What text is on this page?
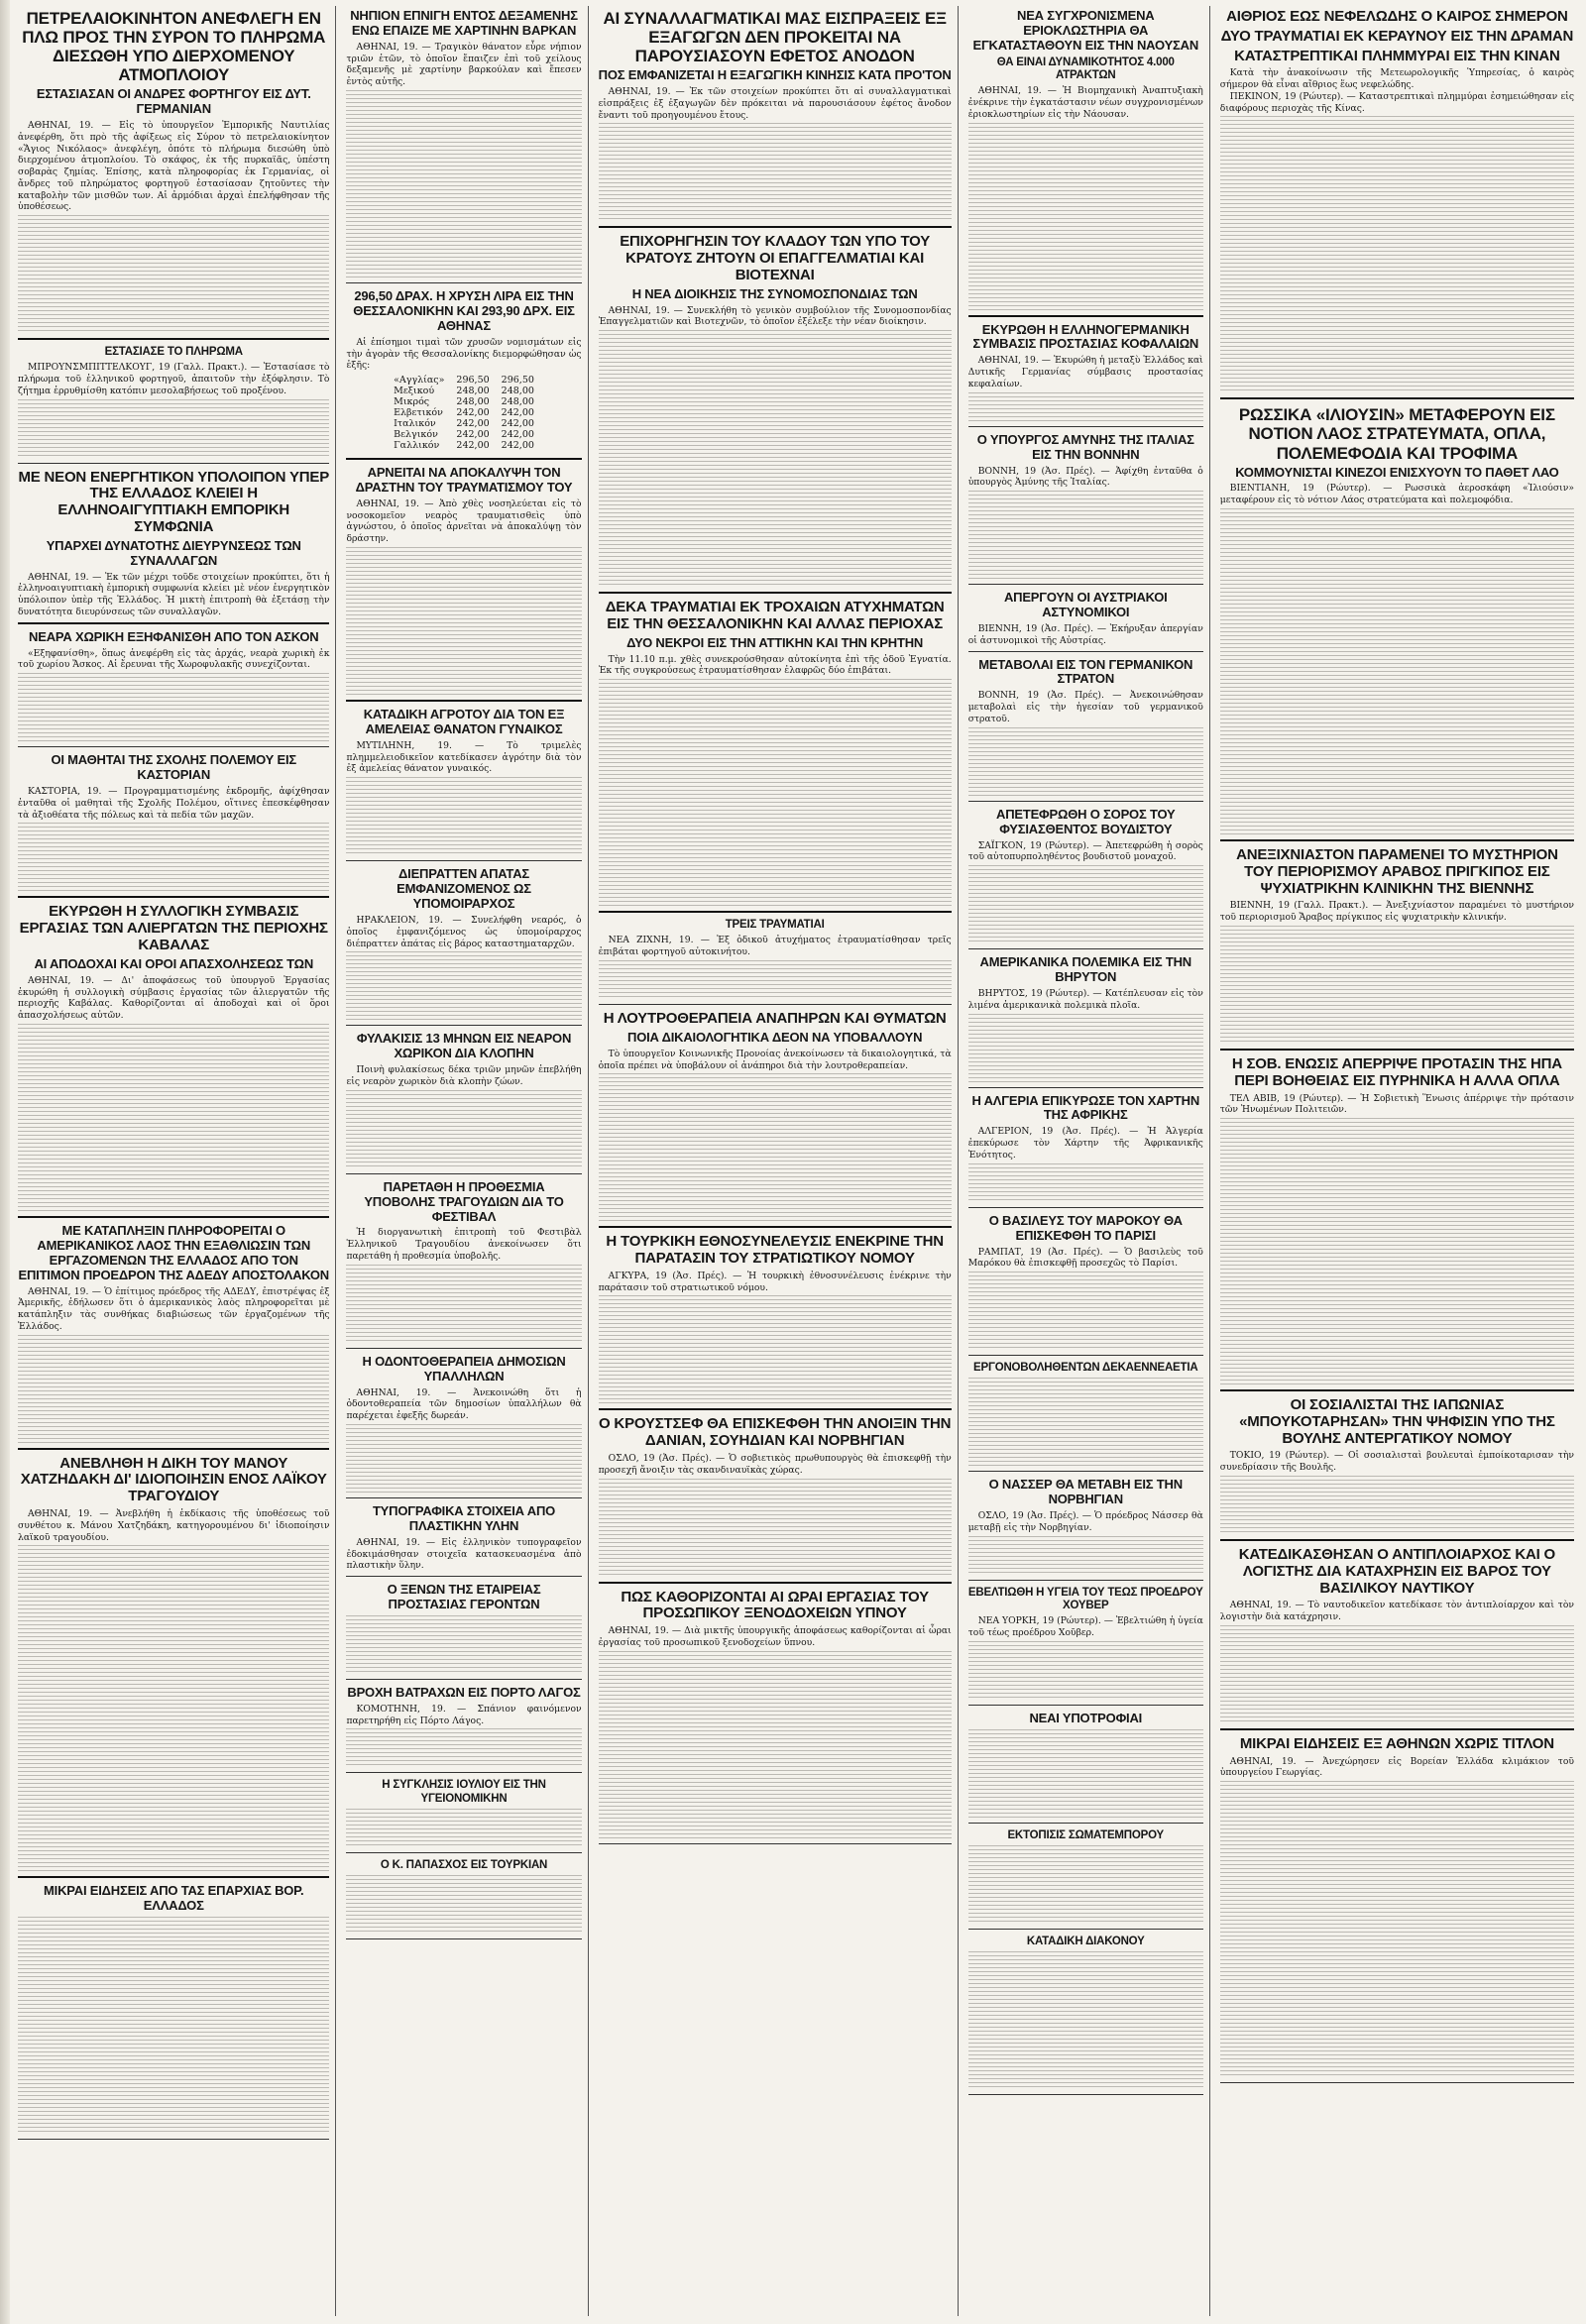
ΠΕΤΡΕΛΑΙΟΚΙΝΗΤΟΝ ΑΝΕΦΛΕΓΗ ΕΝ ΠΛΩ ΠΡΟΣ ΤΗΝ ΣΥΡΟΝ ΤΟ ΠΛΗΡΩΜΑ ΔΙΕΣΩΘΗ ΥΠΟ ΔΙΕΡΧΟΜΕΝΟΥ ΑΤΜΟΠΛΟΙΟΥ
ΕΣΤΑΣΙΑΣΑΝ ΟΙ ΑΝΔΡΕΣ ΦΟΡΤΗΓΟΥ ΕΙΣ ΔΥΤ. ΓΕΡΜΑΝΙΑΝ

ΑΘΗΝΑΙ, 19. — Εἰς τὸ ὑπουργεῖον Ἐμπορικῆς Ναυτιλίας ἀνεφέρθη, ὅτι πρὸ τῆς ἀφίξεως εἰς Σύρον τὸ πετρελαιοκίνητον «Ἅγιος Νικόλαος» ἀνεφλέγη, ὁπότε τὸ πλήρωμα διεσώθη ὑπὸ διερχομένου ἀτμοπλοίου. Τὸ σκάφος, ἐκ τῆς πυρκαϊᾶς, ὑπέστη σοβαρὰς ζημίας. Ἐπίσης, κατὰ πληροφορίας ἐκ Γερμανίας, οἱ ἄνδρες τοῦ πληρώματος φορτηγοῦ ἐστασίασαν ζητοῦντες τὴν καταβολὴν τῶν μισθῶν των. Αἱ ἀρμόδιαι ἀρχαὶ ἐπελήφθησαν τῆς ὑποθέσεως.

ΕΣΤΑΣΙΑΣΕ ΤΟ ΠΛΗΡΩΜΑ

ΜΠΡΟΥΝΣΜΠΙΤΤΕΛΚΟΥΓ, 19 (Γαλλ. Πρακτ.). — Ἐστασίασε τὸ πλήρωμα τοῦ ἑλληνικοῦ φορτηγοῦ, ἀπαιτοῦν τὴν ἐξόφλησιν. Τὸ ζήτημα ἐρρυθμίσθη κατόπιν μεσολαβήσεως τοῦ προξένου.

ΜΕ ΝΕΟΝ ΕΝΕΡΓΗΤΙΚΟΝ ΥΠΟΛΟΙΠΟΝ ΥΠΕΡ ΤΗΣ ΕΛΛΑΔΟΣ ΚΛΕΙΕΙ Η ΕΛΛΗΝΟΑΙΓΥΠΤΙΑΚΗ ΕΜΠΟΡΙΚΗ ΣΥΜΦΩΝΙΑ
ΥΠΑΡΧΕΙ ΔΥΝΑΤΟΤΗΣ ΔΙΕΥΡΥΝΣΕΩΣ ΤΩΝ ΣΥΝΑΛΛΑΓΩΝ

ΑΘΗΝΑΙ, 19. — Ἐκ τῶν μέχρι τοῦδε στοιχείων προκύπτει, ὅτι ἡ ἑλληνοαιγυπτιακὴ ἐμπορικὴ συμφωνία κλείει μὲ νέον ἐνεργητικὸν ὑπόλοιπον ὑπὲρ τῆς Ἑλλάδος. Ἡ μικτὴ ἐπιτροπὴ θὰ ἐξετάσῃ τὴν δυνατότητα διευρύνσεως τῶν συναλλαγῶν.

ΝΕΑΡΑ ΧΩΡΙΚΗ ΕΞΗΦΑΝΙΣΘΗ ΑΠΟ ΤΟΝ ΑΣΚΟΝ

«Εξηφανίσθη», ὅπως ἀνεφέρθη εἰς τὰς ἀρχάς, νεαρὰ χωρικὴ ἐκ τοῦ χωρίου Ἄσκος. Αἱ ἔρευναι τῆς Χωροφυλακῆς συνεχίζονται.

ΟΙ ΜΑΘΗΤΑΙ ΤΗΣ ΣΧΟΛΗΣ ΠΟΛΕΜΟΥ ΕΙΣ ΚΑΣΤΟΡΙΑΝ

ΚΑΣΤΟΡΙΑ, 19. — Προγραμματισμένης ἐκδρομῆς, ἀφίχθησαν ἐνταῦθα οἱ μαθηταὶ τῆς Σχολῆς Πολέμου, οἵτινες ἐπεσκέφθησαν τὰ ἀξιοθέατα τῆς πόλεως καὶ τὰ πεδία τῶν μαχῶν.

ΕΚΥΡΩΘΗ Η ΣΥΛΛΟΓΙΚΗ ΣΥΜΒΑΣΙΣ ΕΡΓΑΣΙΑΣ ΤΩΝ ΑΛΙΕΡΓΑΤΩΝ ΤΗΣ ΠΕΡΙΟΧΗΣ ΚΑΒΑΛΑΣ
ΑΙ ΑΠΟΔΟΧΑΙ ΚΑΙ ΟΡΟΙ ΑΠΑΣΧΟΛΗΣΕΩΣ ΤΩΝ

ΑΘΗΝΑΙ, 19. — Δι' ἀποφάσεως τοῦ ὑπουργοῦ Ἐργασίας ἐκυρώθη ἡ συλλογικὴ σύμβασις ἐργασίας τῶν ἁλιεργατῶν τῆς περιοχῆς Καβάλας. Καθορίζονται αἱ ἀποδοχαὶ καὶ οἱ ὅροι ἀπασχολήσεως αὐτῶν.

ΜΕ ΚΑΤΑΠΛΗΞΙΝ ΠΛΗΡΟΦΟΡΕΙΤΑΙ Ο ΑΜΕΡΙΚΑΝΙΚΟΣ ΛΑΟΣ ΤΗΝ ΕΞΑΘΛΙΩΣΙΝ ΤΩΝ ΕΡΓΑΖΟΜΕΝΩΝ ΤΗΣ ΕΛΛΑΔΟΣ ΑΠΟ ΤΟΝ ΕΠΙΤΙΜΟΝ ΠΡΟΕΔΡΟΝ ΤΗΣ ΑΔΕΔΥ ΑΠΟΣΤΟΛΑΚΟΝ

ΑΘΗΝΑΙ, 19. — Ὁ ἐπίτιμος πρόεδρος τῆς ΑΔΕΔΥ, ἐπιστρέψας ἐξ Ἀμερικῆς, ἐδήλωσεν ὅτι ὁ ἀμερικανικὸς λαὸς πληροφορεῖται μὲ κατάπληξιν τὰς συνθήκας διαβιώσεως τῶν ἐργαζομένων τῆς Ἑλλάδος.

ΑΝΕΒΛΗΘΗ Η ΔΙΚΗ ΤΟΥ ΜΑΝΟΥ ΧΑΤΖΗΔΑΚΗ ΔΙ' ΙΔΙΟΠΟΙΗΣΙΝ ΕΝΟΣ ΛΑΪΚΟΥ ΤΡΑΓΟΥΔΙΟΥ

ΑΘΗΝΑΙ, 19. — Ἀνεβλήθη ἡ ἐκδίκασις τῆς ὑποθέσεως τοῦ συνθέτου κ. Μάνου Χατζηδάκη, κατηγορουμένου δι' ἰδιοποίησιν λαϊκοῦ τραγουδίου.

ΜΙΚΡΑΙ ΕΙΔΗΣΕΙΣ ΑΠΟ ΤΑΣ ΕΠΑΡΧΙΑΣ ΒΟΡ. ΕΛΛΑΔΟΣ
ΝΗΠΙΟΝ ΕΠΝΙΓΗ ΕΝΤΟΣ ΔΕΞΑΜΕΝΗΣ ΕΝΩ ΕΠΑΙΖΕ ΜΕ ΧΑΡΤΙΝΗΝ ΒΑΡΚΑΝ

ΑΘΗΝΑΙ, 19. — Τραγικὸν θάνατον εὗρε νήπιον τριῶν ἐτῶν, τὸ ὁποῖον ἔπαιζεν ἐπὶ τοῦ χείλους δεξαμενῆς μὲ χαρτίνην βαρκούλαν καὶ ἔπεσεν ἐντὸς αὐτῆς.

296,50 ΔΡΑΧ. Η ΧΡΥΣΗ ΛΙΡΑ ΕΙΣ ΤΗΝ ΘΕΣΣΑΛΟΝΙΚΗΝ ΚΑΙ 293,90 ΔΡΧ. ΕΙΣ ΑΘΗΝΑΣ

Αἱ ἐπίσημοι τιμαὶ τῶν χρυσῶν νομισμάτων εἰς τὴν ἀγορὰν τῆς Θεσσαλονίκης διεμορφώθησαν ὡς ἑξῆς:

«Αγγλίας»	296,50	296,50
Μεξικού	248,00	248,00
Μικρός	248,00	248,00
Ελβετικόν	242,00	242,00
Ιταλικόν	242,00	242,00
Βελγικόν	242,00	242,00
Γαλλικόν	242,00	242,00
ΑΡΝΕΙΤΑΙ ΝΑ ΑΠΟΚΑΛΥΨΗ ΤΟΝ ΔΡΑΣΤΗΝ ΤΟΥ ΤΡΑΥΜΑΤΙΣΜΟΥ ΤΟΥ

ΑΘΗΝΑΙ, 19. — Ἀπὸ χθὲς νοσηλεύεται εἰς τὸ νοσοκομεῖον νεαρὸς τραυματισθεὶς ὑπὸ ἀγνώστου, ὁ ὁποῖος ἀρνεῖται νὰ ἀποκαλύψῃ τὸν δράστην.

ΚΑΤΑΔΙΚΗ ΑΓΡΟΤΟΥ ΔΙΑ ΤΟΝ ΕΞ ΑΜΕΛΕΙΑΣ ΘΑΝΑΤΟΝ ΓΥΝΑΙΚΟΣ

ΜΥΤΙΛΗΝΗ, 19. — Τὸ τριμελὲς πλημμελειοδικεῖον κατεδίκασεν ἀγρότην διὰ τὸν ἐξ ἀμελείας θάνατον γυναικός.

ΔΙΕΠΡΑΤΤΕΝ ΑΠΑΤΑΣ ΕΜΦΑΝΙΖΟΜΕΝΟΣ ΩΣ ΥΠΟΜΟΙΡΑΡΧΟΣ

ΗΡΑΚΛΕΙΟΝ, 19. — Συνελήφθη νεαρός, ὁ ὁποῖος ἐμφανιζόμενος ὡς ὑπομοίραρχος διέπραττεν ἀπάτας εἰς βάρος καταστηματαρχῶν.

ΦΥΛΑΚΙΣΙΣ 13 ΜΗΝΩΝ ΕΙΣ ΝΕΑΡΟΝ ΧΩΡΙΚΟΝ ΔΙΑ ΚΛΟΠΗΝ

Ποινὴ φυλακίσεως δέκα τριῶν μηνῶν ἐπεβλήθη εἰς νεαρὸν χωρικὸν διὰ κλοπὴν ζώων.

ΠΑΡΕΤΑΘΗ Η ΠΡΟΘΕΣΜΙΑ ΥΠΟΒΟΛΗΣ ΤΡΑΓΟΥΔΙΩΝ ΔΙΑ ΤΟ ΦΕΣΤΙΒΑΛ

Ἡ διοργανωτικὴ ἐπιτροπὴ τοῦ Φεστιβὰλ Ἑλληνικοῦ Τραγουδίου ἀνεκοίνωσεν ὅτι παρετάθη ἡ προθεσμία ὑποβολῆς.

Η ΟΔΟΝΤΟΘΕΡΑΠΕΙΑ ΔΗΜΟΣΙΩΝ ΥΠΑΛΛΗΛΩΝ

ΑΘΗΝΑΙ, 19. — Ἀνεκοινώθη ὅτι ἡ ὀδοντοθεραπεία τῶν δημοσίων ὑπαλλήλων θὰ παρέχεται ἐφεξῆς δωρεάν.

ΤΥΠΟΓΡΑΦΙΚΑ ΣΤΟΙΧΕΙΑ ΑΠΟ ΠΛΑΣΤΙΚΗΝ ΥΛΗΝ

ΑΘΗΝΑΙ, 19. — Εἰς ἑλληνικὸν τυπογραφεῖον ἐδοκιμάσθησαν στοιχεῖα κατασκευασμένα ἀπὸ πλαστικὴν ὕλην.

Ο ΞΕΝΩΝ ΤΗΣ ΕΤΑΙΡΕΙΑΣ ΠΡΟΣΤΑΣΙΑΣ ΓΕΡΟΝΤΩΝ
ΒΡΟΧΗ ΒΑΤΡΑΧΩΝ ΕΙΣ ΠΟΡΤΟ ΛΑΓΟΣ

ΚΟΜΟΤΗΝΗ, 19. — Σπάνιον φαινόμενον παρετηρήθη εἰς Πόρτο Λάγος.

Η ΣΥΓΚΛΗΣΙΣ ΙΟΥΛΙΟΥ ΕΙΣ ΤΗΝ ΥΓΕΙΟΝΟΜΙΚΗΝ
Ο Κ. ΠΑΠΑΣΧΟΣ ΕΙΣ ΤΟΥΡΚΙΑΝ
ΑΙ ΣΥΝΑΛΛΑΓΜΑΤΙΚΑΙ ΜΑΣ ΕΙΣΠΡΑΞΕΙΣ ΕΞ ΕΞΑΓΩΓΩΝ ΔΕΝ ΠΡΟΚΕΙΤΑΙ ΝΑ ΠΑΡΟΥΣΙΑΣΟΥΝ ΕΦΕΤΟΣ ΑΝΟΔΟΝ
ΠΟΣ ΕΜΦΑΝΙΖΕΤΑΙ Η ΕΞΑΓΩΓΙΚΗ ΚΙΝΗΣΙΣ ΚΑΤΑ ΠΡΟ'ΤΟΝ

ΑΘΗΝΑΙ, 19. — Ἐκ τῶν στοιχείων προκύπτει ὅτι αἱ συναλλαγματικαὶ εἰσπράξεις ἐξ ἐξαγωγῶν δὲν πρόκειται νὰ παρουσιάσουν ἐφέτος ἄνοδον ἔναντι τοῦ προηγουμένου ἔτους.

ΕΠΙΧΟΡΗΓΗΣΙΝ ΤΟΥ ΚΛΑΔΟΥ ΤΩΝ ΥΠΟ ΤΟΥ ΚΡΑΤΟΥΣ ΖΗΤΟΥΝ ΟΙ ΕΠΑΓΓΕΛΜΑΤΙΑΙ ΚΑΙ ΒΙΟΤΕΧΝΑΙ
Η ΝΕΑ ΔΙΟΙΚΗΣΙΣ ΤΗΣ ΣΥΝΟΜΟΣΠΟΝΔΙΑΣ ΤΩΝ

ΑΘΗΝΑΙ, 19. — Συνεκλήθη τὸ γενικὸν συμβούλιον τῆς Συνομοσπονδίας Ἐπαγγελματιῶν καὶ Βιοτεχνῶν, τὸ ὁποῖον ἐξέλεξε τὴν νέαν διοίκησιν.

ΔΕΚΑ ΤΡΑΥΜΑΤΙΑΙ ΕΚ ΤΡΟΧΑΙΩΝ ΑΤΥΧΗΜΑΤΩΝ ΕΙΣ ΤΗΝ ΘΕΣΣΑΛΟΝΙΚΗΝ ΚΑΙ ΑΛΛΑΣ ΠΕΡΙΟΧΑΣ
ΔΥΟ ΝΕΚΡΟΙ ΕΙΣ ΤΗΝ ΑΤΤΙΚΗΝ ΚΑΙ ΤΗΝ ΚΡΗΤΗΝ

Τὴν 11.10 π.μ. χθὲς συνεκρούσθησαν αὐτοκίνητα ἐπὶ τῆς ὁδοῦ Ἐγνατία. Ἐκ τῆς συγκρούσεως ἐτραυματίσθησαν ἐλαφρῶς δύο ἐπιβάται.

ΤΡΕΙΣ ΤΡΑΥΜΑΤΙΑΙ

ΝΕΑ ΖΙΧΝΗ, 19. — Ἐξ ὀδικοῦ ἀτυχήματος ἐτραυματίσθησαν τρεῖς ἐπιβάται φορτηγοῦ αὐτοκινήτου.

Η ΛΟΥΤΡΟΘΕΡΑΠΕΙΑ ΑΝΑΠΗΡΩΝ ΚΑΙ ΘΥΜΑΤΩΝ
ΠΟΙΑ ΔΙΚΑΙΟΛΟΓΗΤΙΚΑ ΔΕΟΝ ΝΑ ΥΠΟΒΑΛΛΟΥΝ

Τὸ ὑπουργεῖον Κοινωνικῆς Προνοίας ἀνεκοίνωσεν τὰ δικαιολογητικά, τὰ ὁποῖα πρέπει νὰ ὑποβάλουν οἱ ἀνάπηροι διὰ τὴν λουτροθεραπείαν.

Η ΤΟΥΡΚΙΚΗ ΕΘΝΟΣΥΝΕΛΕΥΣΙΣ ΕΝΕΚΡΙΝΕ ΤΗΝ ΠΑΡΑΤΑΣΙΝ ΤΟΥ ΣΤΡΑΤΙΩΤΙΚΟΥ ΝΟΜΟΥ

ΑΓΚΥΡΑ, 19 (Ἀσ. Πρές). — Ἡ τουρκικὴ ἐθνοσυνέλευσις ἐνέκρινε τὴν παράτασιν τοῦ στρατιωτικοῦ νόμου.

Ο ΚΡΟΥΣΤΣΕΦ ΘΑ ΕΠΙΣΚΕΦΘΗ ΤΗΝ ΑΝΟΙΞΙΝ ΤΗΝ ΔΑΝΙΑΝ, ΣΟΥΗΔΙΑΝ ΚΑΙ ΝΟΡΒΗΓΙΑΝ

ΟΣΛΟ, 19 (Ἀσ. Πρές). — Ὁ σοβιετικὸς πρωθυπουργὸς θὰ ἐπισκεφθῇ τὴν προσεχῆ ἄνοιξιν τὰς σκανδιναυϊκὰς χώρας.

ΠΩΣ ΚΑΘΟΡΙΖΟΝΤΑΙ ΑΙ ΩΡΑΙ ΕΡΓΑΣΙΑΣ ΤΟΥ ΠΡΟΣΩΠΙΚΟΥ ΞΕΝΟΔΟΧΕΙΩΝ ΥΠΝΟΥ

ΑΘΗΝΑΙ, 19. — Διὰ μικτῆς ὑπουργικῆς ἀποφάσεως καθορίζονται αἱ ὧραι ἐργασίας τοῦ προσωπικοῦ ξενοδοχείων ὕπνου.

ΝΕΑ ΣΥΓΧΡΟΝΙΣΜΕΝΑ ΕΡΙΟΚΛΩΣΤΗΡΙΑ ΘΑ ΕΓΚΑΤΑΣΤΑΘΟΥΝ ΕΙΣ ΤΗΝ ΝΑΟΥΣΑΝ
ΘΑ ΕΙΝΑΙ ΔΥΝΑΜΙΚΟΤΗΤΟΣ 4.000 ΑΤΡΑΚΤΩΝ

ΑΘΗΝΑΙ, 19. — Ἡ Βιομηχανικὴ Ἀναπτυξιακὴ ἐνέκρινε τὴν ἐγκατάστασιν νέων συγχρονισμένων ἐριοκλωστηρίων εἰς τὴν Νάουσαν.

ΕΚΥΡΩΘΗ Η ΕΛΛΗΝΟΓΕΡΜΑΝΙΚΗ ΣΥΜΒΑΣΙΣ ΠΡΟΣΤΑΣΙΑΣ ΚΟΦΑΛΑΙΩΝ

ΑΘΗΝΑΙ, 19. — Ἐκυρώθη ἡ μεταξὺ Ἑλλάδος καὶ Δυτικῆς Γερμανίας σύμβασις προστασίας κεφαλαίων.

Ο ΥΠΟΥΡΓΟΣ ΑΜΥΝΗΣ ΤΗΣ ΙΤΑΛΙΑΣ ΕΙΣ ΤΗΝ ΒΟΝΝΗΝ

ΒΟΝΝΗ, 19 (Ἀσ. Πρές). — Ἀφίχθη ἐνταῦθα ὁ ὑπουργὸς Ἀμύνης τῆς Ἰταλίας.

ΑΠΕΡΓΟΥΝ ΟΙ ΑΥΣΤΡΙΑΚΟΙ ΑΣΤΥΝΟΜΙΚΟΙ

ΒΙΕΝΝΗ, 19 (Ἀσ. Πρές). — Ἐκήρυξαν ἀπεργίαν οἱ ἀστυνομικοὶ τῆς Αὐστρίας.

ΜΕΤΑΒΟΛΑΙ ΕΙΣ ΤΟΝ ΓΕΡΜΑΝΙΚΟΝ ΣΤΡΑΤΟΝ

ΒΟΝΝΗ, 19 (Ἀσ. Πρές). — Ἀνεκοινώθησαν μεταβολαὶ εἰς τὴν ἡγεσίαν τοῦ γερμανικοῦ στρατοῦ.

ΑΠΕΤΕΦΡΩΘΗ Ο ΣΟΡΟΣ ΤΟΥ ΦΥΣΙΑΣΘΕΝΤΟΣ ΒΟΥΔΙΣΤΟΥ

ΣΑΪΓΚΟΝ, 19 (Ρώυτερ). — Ἀπετεφρώθη ἡ σορὸς τοῦ αὐτοπυρποληθέντος βουδιστοῦ μοναχοῦ.

ΑΜΕΡΙΚΑΝΙΚΑ ΠΟΛΕΜΙΚΑ ΕΙΣ ΤΗΝ ΒΗΡΥΤΟΝ

ΒΗΡΥΤΟΣ, 19 (Ρώυτερ). — Κατέπλευσαν εἰς τὸν λιμένα ἀμερικανικὰ πολεμικὰ πλοῖα.

Η ΑΛΓΕΡΙΑ ΕΠΙΚΥΡΩΣΕ ΤΟΝ ΧΑΡΤΗΝ ΤΗΣ ΑΦΡΙΚΗΣ

ΑΛΓΕΡΙΟΝ, 19 (Ἀσ. Πρές). — Ἡ Ἀλγερία ἐπεκύρωσε τὸν Χάρτην τῆς Ἀφρικανικῆς Ἑνότητος.

Ο ΒΑΣΙΛΕΥΣ ΤΟΥ ΜΑΡΟΚΟΥ ΘΑ ΕΠΙΣΚΕΦΘΗ ΤΟ ΠΑΡΙΣΙ

ΡΑΜΠΑΤ, 19 (Ἀσ. Πρές). — Ὁ βασιλεὺς τοῦ Μαρόκου θὰ ἐπισκεφθῇ προσεχῶς τὸ Παρίσι.

ΕΡΓΟΝΟΒΟΛΗΘΕΝΤΩΝ ΔΕΚΑΕΝΝΕΑΕΤΙΑ
Ο ΝΑΣΣΕΡ ΘΑ ΜΕΤΑΒΗ ΕΙΣ ΤΗΝ ΝΟΡΒΗΓΙΑΝ

ΟΣΛΟ, 19 (Ἀσ. Πρές). — Ὁ πρόεδρος Νάσσερ θὰ μεταβῇ εἰς τὴν Νορβηγίαν.

ΕΒΕΛΤΙΩΘΗ Η ΥΓΕΙΑ ΤΟΥ ΤΕΩΣ ΠΡΟΕΔΡΟΥ ΧΟΥΒΕΡ

ΝΕΑ ΥΟΡΚΗ, 19 (Ρώυτερ). — Ἐβελτιώθη ἡ ὑγεία τοῦ τέως προέδρου Χοῦβερ.

ΝΕΑΙ ΥΠΟΤΡΟΦΙΑΙ
ΕΚΤΟΠΙΣΙΣ ΣΩΜΑΤΕΜΠΟΡΟΥ
ΚΑΤΑΔΙΚΗ ΔΙΑΚΟΝΟΥ
ΑΙΘΡΙΟΣ ΕΩΣ ΝΕΦΕΛΩΔΗΣ Ο ΚΑΙΡΟΣ ΣΗΜΕΡΟΝ
ΔΥΟ ΤΡΑΥΜΑΤΙΑΙ ΕΚ ΚΕΡΑΥΝΟΥ ΕΙΣ ΤΗΝ ΔΡΑΜΑΝ
ΚΑΤΑΣΤΡΕΠΤΙΚΑΙ ΠΛΗΜΜΥΡΑΙ ΕΙΣ ΤΗΝ ΚΙΝΑΝ

Κατὰ τὴν ἀνακοίνωσιν τῆς Μετεωρολογικῆς Ὑπηρεσίας, ὁ καιρὸς σήμερον θὰ εἶναι αἴθριος ἕως νεφελώδης.

ΠΕΚΙΝΟΝ, 19 (Ρώυτερ). — Καταστρεπτικαὶ πλημμύραι ἐσημειώθησαν εἰς διαφόρους περιοχὰς τῆς Κίνας.

ΡΩΣΣΙΚΑ «ΙΛΙΟΥΣΙΝ» ΜΕΤΑΦΕΡΟΥΝ ΕΙΣ ΝΟΤΙΟΝ ΛΑΟΣ ΣΤΡΑΤΕΥΜΑΤΑ, ΟΠΛΑ, ΠΟΛΕΜΕΦΟΔΙΑ ΚΑΙ ΤΡΟΦΙΜΑ
ΚΟΜΜΟΥΝΙΣΤΑΙ ΚΙΝΕΖΟΙ ΕΝΙΣΧΥΟΥΝ ΤΟ ΠΑΘΕΤ ΛΑΟ

ΒΙΕΝΤΙΑΝΗ, 19 (Ρώυτερ). — Ρωσσικὰ ἀεροσκάφη «Ἰλιούσιν» μεταφέρουν εἰς τὸ νότιον Λάος στρατεύματα καὶ πολεμοφόδια.

ΑΝΕΞΙΧΝΙΑΣΤΟΝ ΠΑΡΑΜΕΝΕΙ ΤΟ ΜΥΣΤΗΡΙΟΝ ΤΟΥ ΠΕΡΙΟΡΙΣΜΟΥ ΑΡΑΒΟΣ ΠΡΙΓΚΙΠΟΣ ΕΙΣ ΨΥΧΙΑΤΡΙΚΗΝ ΚΛΙΝΙΚΗΝ ΤΗΣ ΒΙΕΝΝΗΣ

ΒΙΕΝΝΗ, 19 (Γαλλ. Πρακτ.). — Ἀνεξιχνίαστον παραμένει τὸ μυστήριον τοῦ περιορισμοῦ Ἄραβος πρίγκιπος εἰς ψυχιατρικὴν κλινικήν.

Η ΣΟΒ. ΕΝΩΣΙΣ ΑΠΕΡΡΙΨΕ ΠΡΟΤΑΣΙΝ ΤΗΣ ΗΠΑ ΠΕΡΙ ΒΟΗΘΕΙΑΣ ΕΙΣ ΠΥΡΗΝΙΚΑ Η ΑΛΛΑ ΟΠΛΑ

ΤΕΛ ΑΒΙΒ, 19 (Ρώυτερ). — Ἡ Σοβιετικὴ Ἕνωσις ἀπέρριψε τὴν πρότασιν τῶν Ἡνωμένων Πολιτειῶν.

ΟΙ ΣΟΣΙΑΛΙΣΤΑΙ ΤΗΣ ΙΑΠΩΝΙΑΣ «ΜΠΟΥΚΟΤΑΡΗΣΑΝ» ΤΗΝ ΨΗΦΙΣΙΝ ΥΠΟ ΤΗΣ ΒΟΥΛΗΣ ΑΝΤΕΡΓΑΤΙΚΟΥ ΝΟΜΟΥ

ΤΟΚΙΟ, 19 (Ρώυτερ). — Οἱ σοσιαλισταὶ βουλευταὶ ἐμποίκοταρισαν τὴν συνεδρίασιν τῆς Βουλῆς.

ΚΑΤΕΔΙΚΑΣΘΗΣΑΝ Ο ΑΝΤΙΠΛΟΙΑΡΧΟΣ ΚΑΙ Ο ΛΟΓΙΣΤΗΣ ΔΙΑ ΚΑΤΑΧΡΗΣΙΝ ΕΙΣ ΒΑΡΟΣ ΤΟΥ ΒΑΣΙΛΙΚΟΥ ΝΑΥΤΙΚΟΥ

ΑΘΗΝΑΙ, 19. — Τὸ ναυτοδικεῖον κατεδίκασε τὸν ἀντιπλοίαρχον καὶ τὸν λογιστὴν διὰ κατάχρησιν.

ΜΙΚΡΑΙ ΕΙΔΗΣΕΙΣ ΕΞ ΑΘΗΝΩΝ ΧΩΡΙΣ ΤΙΤΛΟΝ

ΑΘΗΝΑΙ, 19. — Ἀνεχώρησεν εἰς Βορείαν Ἑλλάδα κλιμάκιον τοῦ ὑπουργείου Γεωργίας.
